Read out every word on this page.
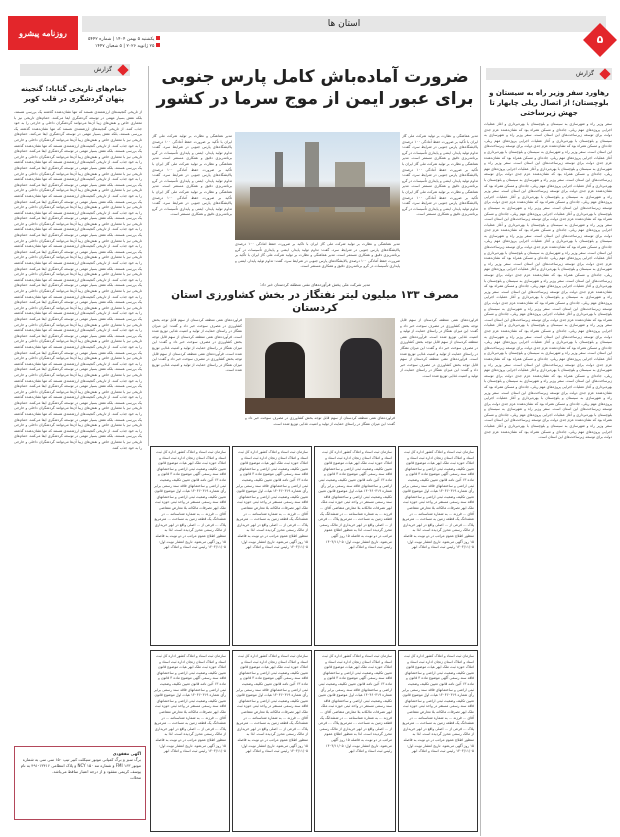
استان ها
۵
روزنامه پیشرو
یکشنبه ۵ بهمن ۱۴۰۴ | شماره ۵۴۴۲
۲۵ ژانویه ۲۰۲۶ | ۵ شعبان ۱۴۴۷
گزارش
رهاورد سفر وزیر راه به سیستان و بلوچستان؛ از اتصال ریلی چابهار تا جهش زیرساختی
سفر وزیر راه و شهرسازی به سیستان و بلوچستان با بهره‌برداری و آغاز عملیات اجرایی پروژه‌های مهم ریلی، جاده‌ای و مسکن همراه بود که نشان‌دهنده عزم جدی دولت برای توسعه زیرساخت‌های این استان است. سفر وزیر راه و شهرسازی به سیستان و بلوچستان با بهره‌برداری و آغاز عملیات اجرایی پروژه‌های مهم ریلی، جاده‌ای و مسکن همراه بود که نشان‌دهنده عزم جدی دولت برای توسعه زیرساخت‌های این استان است. سفر وزیر راه و شهرسازی به سیستان و بلوچستان با بهره‌برداری و آغاز عملیات اجرایی پروژه‌های مهم ریلی، جاده‌ای و مسکن همراه بود که نشان‌دهنده عزم جدی دولت برای توسعه زیرساخت‌های این استان است. سفر وزیر راه و شهرسازی به سیستان و بلوچستان با بهره‌برداری و آغاز عملیات اجرایی پروژه‌های مهم ریلی، جاده‌ای و مسکن همراه بود که نشان‌دهنده عزم جدی دولت برای توسعه زیرساخت‌های این استان است. سفر وزیر راه و شهرسازی به سیستان و بلوچستان با بهره‌برداری و آغاز عملیات اجرایی پروژه‌های مهم ریلی، جاده‌ای و مسکن همراه بود که نشان‌دهنده عزم جدی دولت برای توسعه زیرساخت‌های این استان است. سفر وزیر راه و شهرسازی به سیستان و بلوچستان با بهره‌برداری و آغاز عملیات اجرایی پروژه‌های مهم ریلی، جاده‌ای و مسکن همراه بود که نشان‌دهنده عزم جدی دولت برای توسعه زیرساخت‌های این استان است. سفر وزیر راه و شهرسازی به سیستان و بلوچستان با بهره‌برداری و آغاز عملیات اجرایی پروژه‌های مهم ریلی، جاده‌ای و مسکن همراه بود که نشان‌دهنده عزم جدی دولت برای توسعه زیرساخت‌های این استان است. سفر وزیر راه و شهرسازی به سیستان و بلوچستان با بهره‌برداری و آغاز عملیات اجرایی پروژه‌های مهم ریلی، جاده‌ای و مسکن همراه بود که نشان‌دهنده عزم جدی دولت برای توسعه زیرساخت‌های این استان است. سفر وزیر راه و شهرسازی به سیستان و بلوچستان با بهره‌برداری و آغاز عملیات اجرایی پروژه‌های مهم ریلی، جاده‌ای و مسکن همراه بود که نشان‌دهنده عزم جدی دولت برای توسعه زیرساخت‌های این استان است. سفر وزیر راه و شهرسازی به سیستان و بلوچستان با بهره‌برداری و آغاز عملیات اجرایی پروژه‌های مهم ریلی، جاده‌ای و مسکن همراه بود که نشان‌دهنده عزم جدی دولت برای توسعه زیرساخت‌های این استان است. سفر وزیر راه و شهرسازی به سیستان و بلوچستان با بهره‌برداری و آغاز عملیات اجرایی پروژه‌های مهم ریلی، جاده‌ای و مسکن همراه بود که نشان‌دهنده عزم جدی دولت برای توسعه زیرساخت‌های این استان است. سفر وزیر راه و شهرسازی به سیستان و بلوچستان با بهره‌برداری و آغاز عملیات اجرایی پروژه‌های مهم ریلی، جاده‌ای و مسکن همراه بود که نشان‌دهنده عزم جدی دولت برای توسعه زیرساخت‌های این استان است. سفر وزیر راه و شهرسازی به سیستان و بلوچستان با بهره‌برداری و آغاز عملیات اجرایی پروژه‌های مهم ریلی، جاده‌ای و مسکن همراه بود که نشان‌دهنده عزم جدی دولت برای توسعه زیرساخت‌های این استان است. سفر وزیر راه و شهرسازی به سیستان و بلوچستان با بهره‌برداری و آغاز عملیات اجرایی پروژه‌های مهم ریلی، جاده‌ای و مسکن همراه بود که نشان‌دهنده عزم جدی دولت برای توسعه زیرساخت‌های این استان است. سفر وزیر راه و شهرسازی به سیستان و بلوچستان با بهره‌برداری و آغاز عملیات اجرایی پروژه‌های مهم ریلی، جاده‌ای و مسکن همراه بود که نشان‌دهنده عزم جدی دولت برای توسعه زیرساخت‌های این استان است. سفر وزیر راه و شهرسازی به سیستان و بلوچستان با بهره‌برداری و آغاز عملیات اجرایی پروژه‌های مهم ریلی، جاده‌ای و مسکن همراه بود که نشان‌دهنده عزم جدی دولت برای توسعه زیرساخت‌های این استان است. سفر وزیر راه و شهرسازی به سیستان و بلوچستان با بهره‌برداری و آغاز عملیات اجرایی پروژه‌های مهم ریلی، جاده‌ای و مسکن همراه بود که نشان‌دهنده عزم جدی دولت برای توسعه زیرساخت‌های این استان است. سفر وزیر راه و شهرسازی به سیستان و بلوچستان با بهره‌برداری و آغاز عملیات اجرایی پروژه‌های مهم ریلی، جاده‌ای و مسکن همراه بود که نشان‌دهنده عزم جدی دولت برای توسعه زیرساخت‌های این استان است. سفر وزیر راه و شهرسازی به سیستان و بلوچستان با بهره‌برداری و آغاز عملیات اجرایی پروژه‌های مهم ریلی، جاده‌ای و مسکن همراه بود که نشان‌دهنده عزم جدی دولت برای توسعه زیرساخت‌های این استان است. سفر وزیر راه و شهرسازی به سیستان و بلوچستان با بهره‌برداری و آغاز عملیات اجرایی پروژه‌های مهم ریلی، جاده‌ای و مسکن همراه بود که نشان‌دهنده عزم جدی دولت برای توسعه زیرساخت‌های این استان است. سفر وزیر راه و شهرسازی به سیستان و بلوچستان با بهره‌برداری و آغاز عملیات اجرایی پروژه‌های مهم ریلی، جاده‌ای و مسکن همراه بود که نشان‌دهنده عزم جدی دولت برای توسعه زیرساخت‌های این استان است. سفر وزیر راه و شهرسازی به سیستان و بلوچستان با بهره‌برداری و آغاز عملیات اجرایی پروژه‌های مهم ریلی، جاده‌ای و مسکن همراه بود که نشان‌دهنده عزم جدی دولت برای توسعه زیرساخت‌های این استان است.
گزارش
حمام‌های تاریخی گناباد؛ گنجینه پنهان گردشگری در قلب کویر
از تاریخی گنجینه‌های ارزشمندی هستند که تنها نشان‌دهنده گذشته یک بررسی هستند، بلکه نقش بسیار مهمی در توسعه گردشگری ایفا می‌کنند. حمام‌های تاریخی نیز با معماری خاص و نقش‌های زیبا آن‌ها می‌توانند گردشگران داخلی و خارجی را به خود جذب کنند. از تاریخی گنجینه‌های ارزشمندی هستند که تنها نشان‌دهنده گذشته یک بررسی هستند، بلکه نقش بسیار مهمی در توسعه گردشگری ایفا می‌کنند. حمام‌های تاریخی نیز با معماری خاص و نقش‌های زیبا آن‌ها می‌توانند گردشگران داخلی و خارجی را به خود جذب کنند. از تاریخی گنجینه‌های ارزشمندی هستند که تنها نشان‌دهنده گذشته یک بررسی هستند، بلکه نقش بسیار مهمی در توسعه گردشگری ایفا می‌کنند. حمام‌های تاریخی نیز با معماری خاص و نقش‌های زیبا آن‌ها می‌توانند گردشگران داخلی و خارجی را به خود جذب کنند. از تاریخی گنجینه‌های ارزشمندی هستند که تنها نشان‌دهنده گذشته یک بررسی هستند، بلکه نقش بسیار مهمی در توسعه گردشگری ایفا می‌کنند. حمام‌های تاریخی نیز با معماری خاص و نقش‌های زیبا آن‌ها می‌توانند گردشگران داخلی و خارجی را به خود جذب کنند. از تاریخی گنجینه‌های ارزشمندی هستند که تنها نشان‌دهنده گذشته یک بررسی هستند، بلکه نقش بسیار مهمی در توسعه گردشگری ایفا می‌کنند. حمام‌های تاریخی نیز با معماری خاص و نقش‌های زیبا آن‌ها می‌توانند گردشگران داخلی و خارجی را به خود جذب کنند. از تاریخی گنجینه‌های ارزشمندی هستند که تنها نشان‌دهنده گذشته یک بررسی هستند، بلکه نقش بسیار مهمی در توسعه گردشگری ایفا می‌کنند. حمام‌های تاریخی نیز با معماری خاص و نقش‌های زیبا آن‌ها می‌توانند گردشگران داخلی و خارجی را به خود جذب کنند. از تاریخی گنجینه‌های ارزشمندی هستند که تنها نشان‌دهنده گذشته یک بررسی هستند، بلکه نقش بسیار مهمی در توسعه گردشگری ایفا می‌کنند. حمام‌های تاریخی نیز با معماری خاص و نقش‌های زیبا آن‌ها می‌توانند گردشگران داخلی و خارجی را به خود جذب کنند. از تاریخی گنجینه‌های ارزشمندی هستند که تنها نشان‌دهنده گذشته یک بررسی هستند، بلکه نقش بسیار مهمی در توسعه گردشگری ایفا می‌کنند. حمام‌های تاریخی نیز با معماری خاص و نقش‌های زیبا آن‌ها می‌توانند گردشگران داخلی و خارجی را به خود جذب کنند. از تاریخی گنجینه‌های ارزشمندی هستند که تنها نشان‌دهنده گذشته یک بررسی هستند، بلکه نقش بسیار مهمی در توسعه گردشگری ایفا می‌کنند. حمام‌های تاریخی نیز با معماری خاص و نقش‌های زیبا آن‌ها می‌توانند گردشگران داخلی و خارجی را به خود جذب کنند. از تاریخی گنجینه‌های ارزشمندی هستند که تنها نشان‌دهنده گذشته یک بررسی هستند، بلکه نقش بسیار مهمی در توسعه گردشگری ایفا می‌کنند. حمام‌های تاریخی نیز با معماری خاص و نقش‌های زیبا آن‌ها می‌توانند گردشگران داخلی و خارجی را به خود جذب کنند. از تاریخی گنجینه‌های ارزشمندی هستند که تنها نشان‌دهنده گذشته یک بررسی هستند، بلکه نقش بسیار مهمی در توسعه گردشگری ایفا می‌کنند. حمام‌های تاریخی نیز با معماری خاص و نقش‌های زیبا آن‌ها می‌توانند گردشگران داخلی و خارجی را به خود جذب کنند. از تاریخی گنجینه‌های ارزشمندی هستند که تنها نشان‌دهنده گذشته یک بررسی هستند، بلکه نقش بسیار مهمی در توسعه گردشگری ایفا می‌کنند. حمام‌های تاریخی نیز با معماری خاص و نقش‌های زیبا آن‌ها می‌توانند گردشگران داخلی و خارجی را به خود جذب کنند. از تاریخی گنجینه‌های ارزشمندی هستند که تنها نشان‌دهنده گذشته یک بررسی هستند، بلکه نقش بسیار مهمی در توسعه گردشگری ایفا می‌کنند. حمام‌های تاریخی نیز با معماری خاص و نقش‌های زیبا آن‌ها می‌توانند گردشگران داخلی و خارجی را به خود جذب کنند. از تاریخی گنجینه‌های ارزشمندی هستند که تنها نشان‌دهنده گذشته یک بررسی هستند، بلکه نقش بسیار مهمی در توسعه گردشگری ایفا می‌کنند. حمام‌های تاریخی نیز با معماری خاص و نقش‌های زیبا آن‌ها می‌توانند گردشگران داخلی و خارجی را به خود جذب کنند. از تاریخی گنجینه‌های ارزشمندی هستند که تنها نشان‌دهنده گذشته یک بررسی هستند، بلکه نقش بسیار مهمی در توسعه گردشگری ایفا می‌کنند. حمام‌های تاریخی نیز با معماری خاص و نقش‌های زیبا آن‌ها می‌توانند گردشگران داخلی و خارجی را به خود جذب کنند. از تاریخی گنجینه‌های ارزشمندی هستند که تنها نشان‌دهنده گذشته یک بررسی هستند، بلکه نقش بسیار مهمی در توسعه گردشگری ایفا می‌کنند. حمام‌های تاریخی نیز با معماری خاص و نقش‌های زیبا آن‌ها می‌توانند گردشگران داخلی و خارجی را به خود جذب کنند. از تاریخی گنجینه‌های ارزشمندی هستند که تنها نشان‌دهنده گذشته یک بررسی هستند، بلکه نقش بسیار مهمی در توسعه گردشگری ایفا می‌کنند. حمام‌های تاریخی نیز با معماری خاص و نقش‌های زیبا آن‌ها می‌توانند گردشگران داخلی و خارجی را به خود جذب کنند. از تاریخی گنجینه‌های ارزشمندی هستند که تنها نشان‌دهنده گذشته یک بررسی هستند، بلکه نقش بسیار مهمی در توسعه گردشگری ایفا می‌کنند. حمام‌های تاریخی نیز با معماری خاص و نقش‌های زیبا آن‌ها می‌توانند گردشگران داخلی و خارجی را به خود جذب کنند. از تاریخی گنجینه‌های ارزشمندی هستند که تنها نشان‌دهنده گذشته یک بررسی هستند، بلکه نقش بسیار مهمی در توسعه گردشگری ایفا می‌کنند. حمام‌های تاریخی نیز با معماری خاص و نقش‌های زیبا آن‌ها می‌توانند گردشگران داخلی و خارجی را به خود جذب کنند. از تاریخی گنجینه‌های ارزشمندی هستند که تنها نشان‌دهنده گذشته یک بررسی هستند، بلکه نقش بسیار مهمی در توسعه گردشگری ایفا می‌کنند. حمام‌های تاریخی نیز با معماری خاص و نقش‌های زیبا آن‌ها می‌توانند گردشگران داخلی و خارجی را به خود جذب کنند.
آگهی مفقودی
برگ سبز و برگ کمپانی موتور سیکلت کبیر تیپ ۱۵۰ سی سی به شماره موتور FMI ۱۶۳ و شماره تنه NCY ۱۵۰ و پلاک انتظامی ۱۳۴۱۶-۴۹۱ به نام یوسف کریمی مفقود و از درجه اعتبار ساقط می‌باشد.
محلات
ضرورت آماده‌باش کامل پارس جنوبی
برای عبور ایمن از موج سرما در کشور
مدیر هماهنگی و نظارت بر تولید شرکت ملی گاز ایران با تأکید بر ضرورت حفظ آمادگی ۱۰۰ درصدی پالایشگاه‌های پارس جنوبی در شرایط سرد، گفت: تداوم تولید پایدار، ایمنی و پایداری تأسیسات در گرو برنامه‌ریزی دقیق و همکاری مستمر است. مدیر هماهنگی و نظارت بر تولید شرکت ملی گاز ایران با تأکید بر ضرورت حفظ آمادگی ۱۰۰ درصدی پالایشگاه‌های پارس جنوبی در شرایط سرد، گفت: تداوم تولید پایدار، ایمنی و پایداری تأسیسات در گرو برنامه‌ریزی دقیق و همکاری مستمر است. مدیر هماهنگی و نظارت بر تولید شرکت ملی گاز ایران با تأکید بر ضرورت حفظ آمادگی ۱۰۰ درصدی پالایشگاه‌های پارس جنوبی در شرایط سرد، گفت: تداوم تولید پایدار، ایمنی و پایداری تأسیسات در گرو برنامه‌ریزی دقیق و همکاری مستمر است.
مدیر هماهنگی و نظارت بر تولید شرکت ملی گاز ایران با تأکید بر ضرورت حفظ آمادگی ۱۰۰ درصدی پالایشگاه‌های پارس جنوبی در شرایط سرد، گفت: تداوم تولید پایدار، ایمنی و پایداری تأسیسات در گرو برنامه‌ریزی دقیق و همکاری مستمر است. مدیر هماهنگی و نظارت بر تولید شرکت ملی گاز ایران با تأکید بر ضرورت حفظ آمادگی ۱۰۰ درصدی پالایشگاه‌های پارس جنوبی در شرایط سرد، گفت: تداوم تولید پایدار، ایمنی و پایداری تأسیسات در گرو برنامه‌ریزی دقیق و همکاری مستمر است. مدیر هماهنگی و نظارت بر تولید شرکت ملی گاز ایران با تأکید بر ضرورت حفظ آمادگی ۱۰۰ درصدی پالایشگاه‌های پارس جنوبی در شرایط سرد، گفت: تداوم تولید پایدار، ایمنی و پایداری تأسیسات در گرو برنامه‌ریزی دقیق و همکاری مستمر است.
مدیر هماهنگی و نظارت بر تولید شرکت ملی گاز ایران با تأکید بر ضرورت حفظ آمادگی ۱۰۰ درصدی پالایشگاه‌های پارس جنوبی در شرایط سرد، گفت: تداوم تولید پایدار، ایمنی و پایداری تأسیسات در گرو برنامه‌ریزی دقیق و همکاری مستمر است. مدیر هماهنگی و نظارت بر تولید شرکت ملی گاز ایران با تأکید بر ضرورت حفظ آمادگی ۱۰۰ درصدی پالایشگاه‌های پارس جنوبی در شرایط سرد، گفت: تداوم تولید پایدار، ایمنی و پایداری تأسیسات در گرو برنامه‌ریزی دقیق و همکاری مستمر است.
مدیر شرکت ملی پخش فرآورده‌های نفتی منطقه کردستان خبر داد:
مصرف ۱۳۳ میلیون لیتر نفتگاز در بخش کشاورزی استان کردستان
فرآورده‌های نفتی منطقه کردستان از سهم قابل توجه بخش کشاورزی در مصرف سوخت خبر داد و گفت: این میزان نفتگاز در راستای حمایت از تولید و امنیت غذایی توزیع شده است. فرآورده‌های نفتی منطقه کردستان از سهم قابل توجه بخش کشاورزی در مصرف سوخت خبر داد و گفت: این میزان نفتگاز در راستای حمایت از تولید و امنیت غذایی توزیع شده است. فرآورده‌های نفتی منطقه کردستان از سهم قابل توجه بخش کشاورزی در مصرف سوخت خبر داد و گفت: این میزان نفتگاز در راستای حمایت از تولید و امنیت غذایی توزیع شده است.
فرآورده‌های نفتی منطقه کردستان از سهم قابل توجه بخش کشاورزی در مصرف سوخت خبر داد و گفت: این میزان نفتگاز در راستای حمایت از تولید و امنیت غذایی توزیع شده است. فرآورده‌های نفتی منطقه کردستان از سهم قابل توجه بخش کشاورزی در مصرف سوخت خبر داد و گفت: این میزان نفتگاز در راستای حمایت از تولید و امنیت غذایی توزیع شده است. فرآورده‌های نفتی منطقه کردستان از سهم قابل توجه بخش کشاورزی در مصرف سوخت خبر داد و گفت: این میزان نفتگاز در راستای حمایت از تولید و امنیت غذایی توزیع شده است.
فرآورده‌های نفتی منطقه کردستان از سهم قابل توجه بخش کشاورزی در مصرف سوخت خبر داد و گفت: این میزان نفتگاز در راستای حمایت از تولید و امنیت غذایی توزیع شده است.
سازمان ثبت اسناد و املاک کشور اداره کل ثبت اسناد و املاک استان زنجان اداره ثبت اسناد و املاک حوزه ثبت ملک ابهر هیات موضوع قانون تعیین تکلیف وضعیت ثبتی اراضی و ساختمانهای فاقد سند رسمی آگهی موضوع ماده ۳ قانون و ماده ۱۳ آئین نامه قانون تعیین تکلیف وضعیت ثبتی اراضی و ساختمانهای فاقد سند رسمی برابر رأی شماره ۱۴۰۴۶۰۳۱۹ هیات اول موضوع قانون تعیین تکلیف وضعیت ثبتی اراضی و ساختمانهای فاقد سند رسمی مستقر در واحد ثبتی حوزه ثبت ملک ابهر تصرفات مالکانه بلا معارض متقاضی آقای ... فرزند ... به شماره شناسنامه ... در ششدانگ یک قطعه زمین به مساحت ... مترمربع پلاک ... فرعی از ... اصلی واقع در ابهر خریداری از مالک رسمی محرز گردیده است. لذا به منظور اطلاع عموم مراتب در دو نوبت به فاصله ۱۵ روز آگهی می‌شود. تاریخ انتشار نوبت اول: ۱۴۰۴/۱۱/۰۵ رئیس ثبت اسناد و املاک ابهر
سازمان ثبت اسناد و املاک کشور اداره کل ثبت اسناد و املاک استان زنجان اداره ثبت اسناد و املاک حوزه ثبت ملک ابهر هیات موضوع قانون تعیین تکلیف وضعیت ثبتی اراضی و ساختمانهای فاقد سند رسمی آگهی موضوع ماده ۳ قانون و ماده ۱۳ آئین نامه قانون تعیین تکلیف وضعیت ثبتی اراضی و ساختمانهای فاقد سند رسمی برابر رأی شماره ۱۴۰۴۶۰۳۱۹ هیات اول موضوع قانون تعیین تکلیف وضعیت ثبتی اراضی و ساختمانهای فاقد سند رسمی مستقر در واحد ثبتی حوزه ثبت ملک ابهر تصرفات مالکانه بلا معارض متقاضی آقای ... فرزند ... به شماره شناسنامه ... در ششدانگ یک قطعه زمین به مساحت ... مترمربع پلاک ... فرعی از ... اصلی واقع در ابهر خریداری از مالک رسمی محرز گردیده است. لذا به منظور اطلاع عموم مراتب در دو نوبت به فاصله ۱۵ روز آگهی می‌شود. تاریخ انتشار نوبت اول: ۱۴۰۴/۱۱/۰۵ رئیس ثبت اسناد و املاک ابهر
سازمان ثبت اسناد و املاک کشور اداره کل ثبت اسناد و املاک استان زنجان اداره ثبت اسناد و املاک حوزه ثبت ملک ابهر هیات موضوع قانون تعیین تکلیف وضعیت ثبتی اراضی و ساختمانهای فاقد سند رسمی آگهی موضوع ماده ۳ قانون و ماده ۱۳ آئین نامه قانون تعیین تکلیف وضعیت ثبتی اراضی و ساختمانهای فاقد سند رسمی برابر رأی شماره ۱۴۰۴۶۰۳۱۹ هیات اول موضوع قانون تعیین تکلیف وضعیت ثبتی اراضی و ساختمانهای فاقد سند رسمی مستقر در واحد ثبتی حوزه ثبت ملک ابهر تصرفات مالکانه بلا معارض متقاضی آقای ... فرزند ... به شماره شناسنامه ... در ششدانگ یک قطعه زمین به مساحت ... مترمربع پلاک ... فرعی از ... اصلی واقع در ابهر خریداری از مالک رسمی محرز گردیده است. لذا به منظور اطلاع عموم مراتب در دو نوبت به فاصله ۱۵ روز آگهی می‌شود. تاریخ انتشار نوبت اول: ۱۴۰۴/۱۱/۰۵ رئیس ثبت اسناد و املاک ابهر
سازمان ثبت اسناد و املاک کشور اداره کل ثبت اسناد و املاک استان زنجان اداره ثبت اسناد و املاک حوزه ثبت ملک ابهر هیات موضوع قانون تعیین تکلیف وضعیت ثبتی اراضی و ساختمانهای فاقد سند رسمی آگهی موضوع ماده ۳ قانون و ماده ۱۳ آئین نامه قانون تعیین تکلیف وضعیت ثبتی اراضی و ساختمانهای فاقد سند رسمی برابر رأی شماره ۱۴۰۴۶۰۳۱۹ هیات اول موضوع قانون تعیین تکلیف وضعیت ثبتی اراضی و ساختمانهای فاقد سند رسمی مستقر در واحد ثبتی حوزه ثبت ملک ابهر تصرفات مالکانه بلا معارض متقاضی آقای ... فرزند ... به شماره شناسنامه ... در ششدانگ یک قطعه زمین به مساحت ... مترمربع پلاک ... فرعی از ... اصلی واقع در ابهر خریداری از مالک رسمی محرز گردیده است. لذا به منظور اطلاع عموم مراتب در دو نوبت به فاصله ۱۵ روز آگهی می‌شود. تاریخ انتشار نوبت اول: ۱۴۰۴/۱۱/۰۵ رئیس ثبت اسناد و املاک ابهر
سازمان ثبت اسناد و املاک کشور اداره کل ثبت اسناد و املاک استان زنجان اداره ثبت اسناد و املاک حوزه ثبت ملک ابهر هیات موضوع قانون تعیین تکلیف وضعیت ثبتی اراضی و ساختمانهای فاقد سند رسمی آگهی موضوع ماده ۳ قانون و ماده ۱۳ آئین نامه قانون تعیین تکلیف وضعیت ثبتی اراضی و ساختمانهای فاقد سند رسمی برابر رأی شماره ۱۴۰۴۶۰۳۱۹ هیات اول موضوع قانون تعیین تکلیف وضعیت ثبتی اراضی و ساختمانهای فاقد سند رسمی مستقر در واحد ثبتی حوزه ثبت ملک ابهر تصرفات مالکانه بلا معارض متقاضی آقای ... فرزند ... به شماره شناسنامه ... در ششدانگ یک قطعه زمین به مساحت ... مترمربع پلاک ... فرعی از ... اصلی واقع در ابهر خریداری از مالک رسمی محرز گردیده است. لذا به منظور اطلاع عموم مراتب در دو نوبت به فاصله ۱۵ روز آگهی می‌شود. تاریخ انتشار نوبت اول: ۱۴۰۴/۱۱/۰۵ رئیس ثبت اسناد و املاک ابهر
سازمان ثبت اسناد و املاک کشور اداره کل ثبت اسناد و املاک استان زنجان اداره ثبت اسناد و املاک حوزه ثبت ملک ابهر هیات موضوع قانون تعیین تکلیف وضعیت ثبتی اراضی و ساختمانهای فاقد سند رسمی آگهی موضوع ماده ۳ قانون و ماده ۱۳ آئین نامه قانون تعیین تکلیف وضعیت ثبتی اراضی و ساختمانهای فاقد سند رسمی برابر رأی شماره ۱۴۰۴۶۰۳۱۹ هیات اول موضوع قانون تعیین تکلیف وضعیت ثبتی اراضی و ساختمانهای فاقد سند رسمی مستقر در واحد ثبتی حوزه ثبت ملک ابهر تصرفات مالکانه بلا معارض متقاضی آقای ... فرزند ... به شماره شناسنامه ... در ششدانگ یک قطعه زمین به مساحت ... مترمربع پلاک ... فرعی از ... اصلی واقع در ابهر خریداری از مالک رسمی محرز گردیده است. لذا به منظور اطلاع عموم مراتب در دو نوبت به فاصله ۱۵ روز آگهی می‌شود. تاریخ انتشار نوبت اول: ۱۴۰۴/۱۱/۰۵ رئیس ثبت اسناد و املاک ابهر
سازمان ثبت اسناد و املاک کشور اداره کل ثبت اسناد و املاک استان زنجان اداره ثبت اسناد و املاک حوزه ثبت ملک ابهر هیات موضوع قانون تعیین تکلیف وضعیت ثبتی اراضی و ساختمانهای فاقد سند رسمی آگهی موضوع ماده ۳ قانون و ماده ۱۳ آئین نامه قانون تعیین تکلیف وضعیت ثبتی اراضی و ساختمانهای فاقد سند رسمی برابر رأی شماره ۱۴۰۴۶۰۳۱۹ هیات اول موضوع قانون تعیین تکلیف وضعیت ثبتی اراضی و ساختمانهای فاقد سند رسمی مستقر در واحد ثبتی حوزه ثبت ملک ابهر تصرفات مالکانه بلا معارض متقاضی آقای ... فرزند ... به شماره شناسنامه ... در ششدانگ یک قطعه زمین به مساحت ... مترمربع پلاک ... فرعی از ... اصلی واقع در ابهر خریداری از مالک رسمی محرز گردیده است. لذا به منظور اطلاع عموم مراتب در دو نوبت به فاصله ۱۵ روز آگهی می‌شود. تاریخ انتشار نوبت اول: ۱۴۰۴/۱۱/۰۵ رئیس ثبت اسناد و املاک ابهر
سازمان ثبت اسناد و املاک کشور اداره کل ثبت اسناد و املاک استان زنجان اداره ثبت اسناد و املاک حوزه ثبت ملک ابهر هیات موضوع قانون تعیین تکلیف وضعیت ثبتی اراضی و ساختمانهای فاقد سند رسمی آگهی موضوع ماده ۳ قانون و ماده ۱۳ آئین نامه قانون تعیین تکلیف وضعیت ثبتی اراضی و ساختمانهای فاقد سند رسمی برابر رأی شماره ۱۴۰۴۶۰۳۱۹ هیات اول موضوع قانون تعیین تکلیف وضعیت ثبتی اراضی و ساختمانهای فاقد سند رسمی مستقر در واحد ثبتی حوزه ثبت ملک ابهر تصرفات مالکانه بلا معارض متقاضی آقای ... فرزند ... به شماره شناسنامه ... در ششدانگ یک قطعه زمین به مساحت ... مترمربع پلاک ... فرعی از ... اصلی واقع در ابهر خریداری از مالک رسمی محرز گردیده است. لذا به منظور اطلاع عموم مراتب در دو نوبت به فاصله ۱۵ روز آگهی می‌شود. تاریخ انتشار نوبت اول: ۱۴۰۴/۱۱/۰۵ رئیس ثبت اسناد و املاک ابهر
